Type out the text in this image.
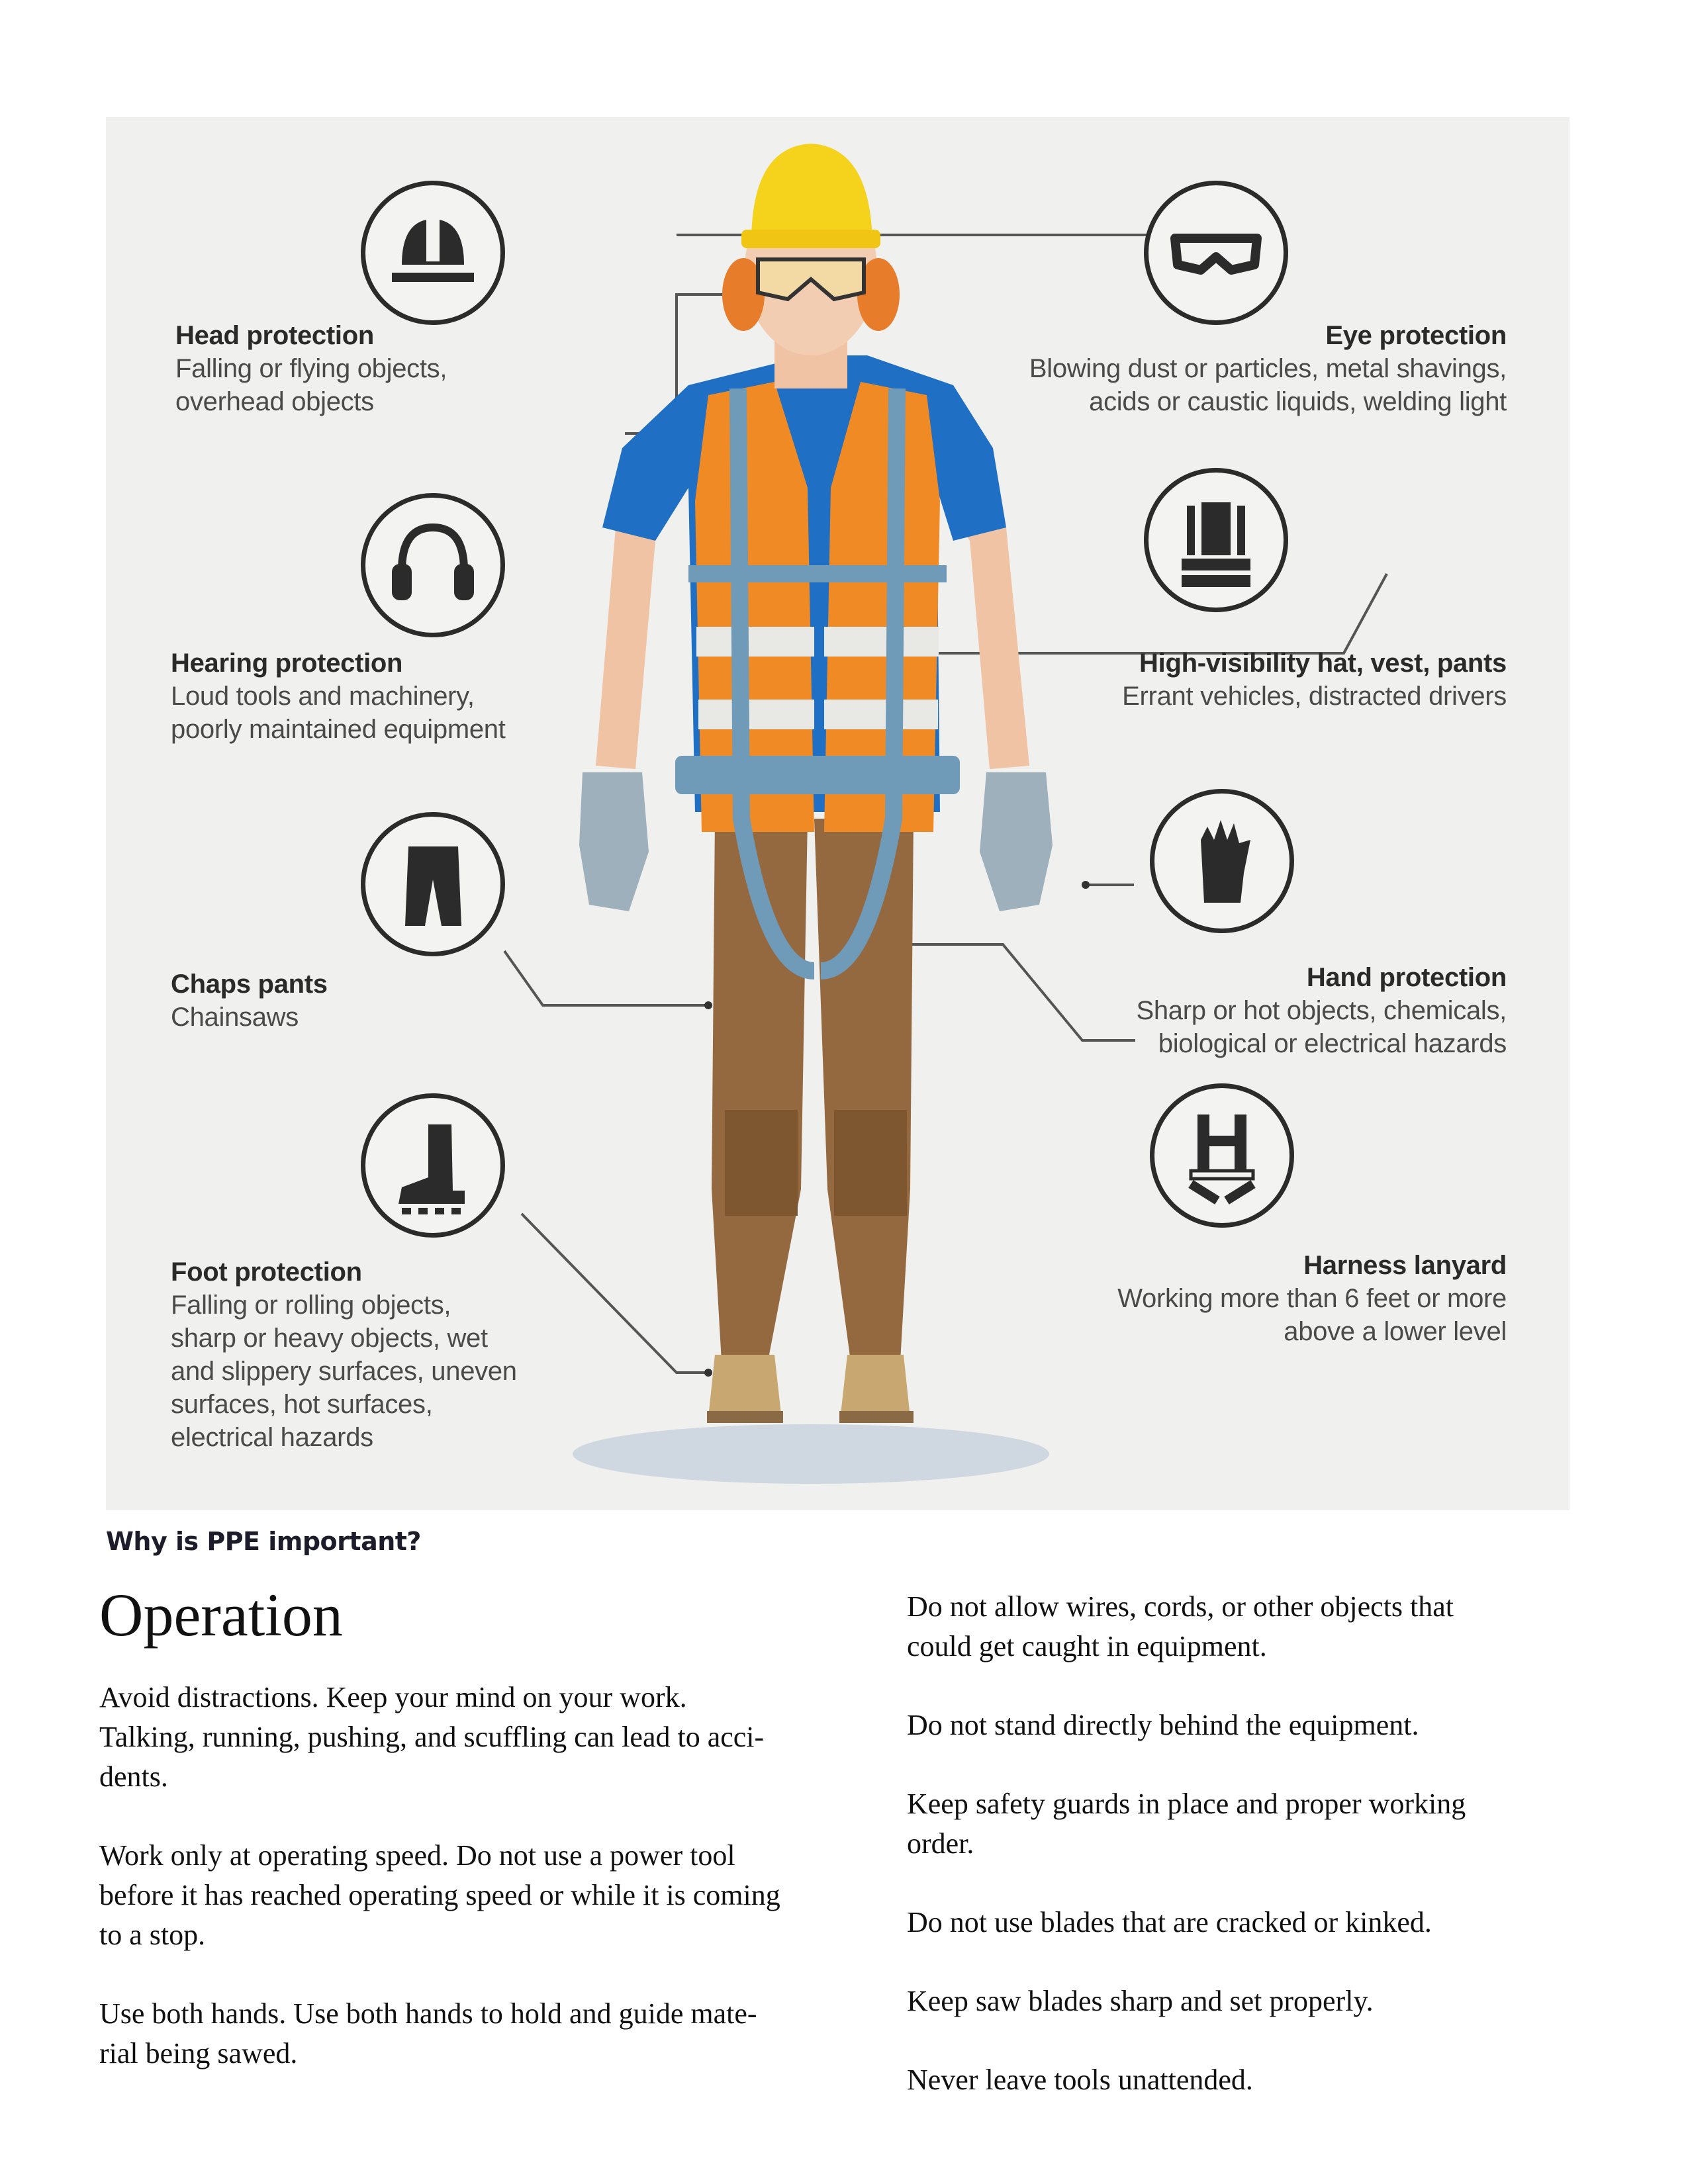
Head protection
Falling or flying objects,
overhead objects
Eye protection
Blowing dust or particles, metal shavings,
acids or caustic liquids, welding light
Hearing protection
Loud tools and machinery,
poorly maintained equipment
High-visibility hat, vest, pants
Errant vehicles, distracted drivers
Chaps pants
Chainsaws
Hand protection
Sharp or hot objects, chemicals,
biological or electrical hazards
Foot protection
Falling or rolling objects,
sharp or heavy objects, wet
and slippery surfaces, uneven
surfaces, hot surfaces,
electrical hazards
Harness lanyard
Working more than 6 feet or more
above a lower level
Why is PPE important?
Operation

Avoid distractions. Keep your mind on your work.
Talking, running, pushing, and scuffling can lead to acci-
dents.

Work only at operating speed. Do not use a power tool
before it has reached operating speed or while it is coming
to a stop.

Use both hands. Use both hands to hold and guide mate-
rial being sawed.

Do not allow wires, cords, or other objects that
could get caught in equipment.

Do not stand directly behind the equipment.

Keep safety guards in place and proper working
order.

Do not use blades that are cracked or kinked.

Keep saw blades sharp and set properly.

Never leave tools unattended.
